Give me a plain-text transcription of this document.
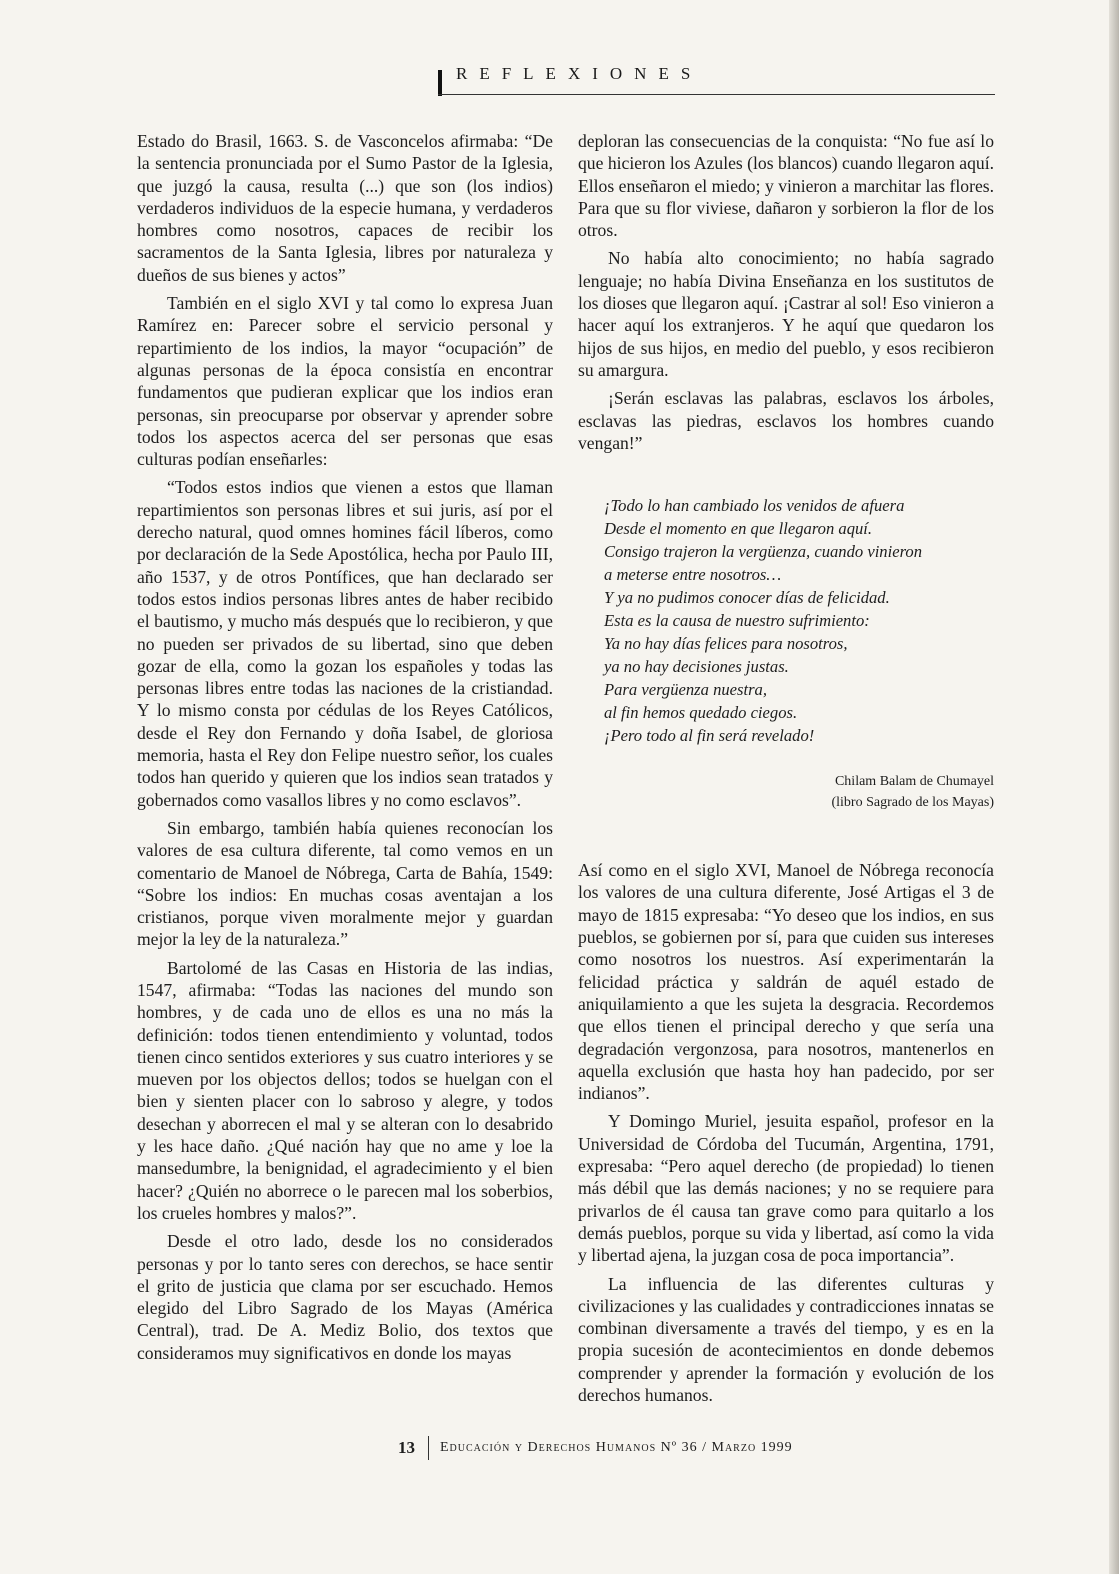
REFLEXIONES

Estado do Brasil, 1663. S. de Vasconcelos afirmaba: “De la sentencia pronunciada por el Sumo Pastor de la Iglesia, que juzgó la causa, resulta (...) que son (los indios) verdaderos individuos de la especie humana, y verdaderos hombres como nosotros, capaces de recibir los sacramentos de la Santa Iglesia, libres por naturaleza y dueños de sus bienes y actos”

También en el siglo XVI y tal como lo expresa Juan Ramírez en: Parecer sobre el servicio personal y repartimiento de los indios, la mayor “ocupación” de algunas personas de la época consistía en encontrar fundamentos que pudieran explicar que los indios eran personas, sin preocuparse por observar y aprender sobre todos los aspectos acerca del ser personas que esas culturas podían enseñarles:

“Todos estos indios que vienen a estos que llaman repartimientos son personas libres et sui juris, así por el derecho natural, quod omnes homines fácil líberos, como por declaración de la Sede Apostólica, hecha por Paulo III, año 1537, y de otros Pontífices, que han declarado ser todos estos indios personas libres antes de haber recibido el bautismo, y mucho más después que lo recibieron, y que no pueden ser privados de su libertad, sino que deben gozar de ella, como la gozan los españoles y todas las personas libres entre todas las naciones de la cristiandad. Y lo mismo consta por cédulas de los Reyes Católicos, desde el Rey don Fernando y doña Isabel, de gloriosa memoria, hasta el Rey don Felipe nuestro señor, los cuales todos han querido y quieren que los indios sean tratados y gobernados como vasallos libres y no como esclavos”.

Sin embargo, también había quienes reconocían los valores de esa cultura diferente, tal como vemos en un comentario de Manoel de Nóbrega, Carta de Bahía, 1549: “Sobre los indios: En muchas cosas aventajan a los cristianos, porque viven moralmente mejor y guardan mejor la ley de la naturaleza.”

Bartolomé de las Casas en Historia de las indias, 1547, afirmaba: “Todas las naciones del mundo son hombres, y de cada uno de ellos es una no más la definición: todos tienen entendimiento y voluntad, todos tienen cinco sentidos exteriores y sus cuatro interiores y se mueven por los objectos dellos; todos se huelgan con el bien y sienten placer con lo sabroso y alegre, y todos desechan y aborrecen el mal y se alteran con lo desabrido y les hace daño. ¿Qué nación hay que no ame y loe la mansedumbre, la benignidad, el agradecimiento y el bien hacer? ¿Quién no aborrece o le parecen mal los soberbios, los crueles hombres y malos?”.

Desde el otro lado, desde los no considerados personas y por lo tanto seres con derechos, se hace sentir el grito de justicia que clama por ser escuchado. Hemos elegido del Libro Sagrado de los Mayas (América Central), trad. De A. Mediz Bolio, dos textos que consideramos muy significativos en donde los mayas

deploran las consecuencias de la conquista: “No fue así lo que hicieron los Azules (los blancos) cuando llegaron aquí. Ellos enseñaron el miedo; y vinieron a marchitar las flores. Para que su flor viviese, dañaron y sorbieron la flor de los otros.

No había alto conocimiento; no había sagrado lenguaje; no había Divina Enseñanza en los sustitutos de los dioses que llegaron aquí. ¡Castrar al sol! Eso vinieron a hacer aquí los extranjeros. Y he aquí que quedaron los hijos de sus hijos, en medio del pueblo, y esos recibieron su amargura.

¡Serán esclavas las palabras, esclavos los árboles, esclavas las piedras, esclavos los hombres cuando vengan!”

¡Todo lo han cambiado los venidos de afuera
Desde el momento en que llegaron aquí.
Consigo trajeron la vergüenza, cuando vinieron
a meterse entre nosotros…
Y ya no pudimos conocer días de felicidad.
Esta es la causa de nuestro sufrimiento:
Ya no hay días felices para nosotros,
ya no hay decisiones justas.
Para vergüenza nuestra,
al fin hemos quedado ciegos.
¡Pero todo al fin será revelado!
Chilam Balam de Chumayel
(libro Sagrado de los Mayas)

Así como en el siglo XVI, Manoel de Nóbrega reconocía los valores de una cultura diferente, José Artigas el 3 de mayo de 1815 expresaba: “Yo deseo que los indios, en sus pueblos, se gobiernen por sí, para que cuiden sus intereses como nosotros los nuestros. Así experimentarán la felicidad práctica y saldrán de aquél estado de aniquilamiento a que les sujeta la desgracia. Recordemos que ellos tienen el principal derecho y que sería una degradación vergonzosa, para nosotros, mantenerlos en aquella exclusión que hasta hoy han padecido, por ser indianos”.

Y Domingo Muriel, jesuita español, profesor en la Universidad de Córdoba del Tucumán, Argentina, 1791, expresaba: “Pero aquel derecho (de propiedad) lo tienen más débil que las demás naciones; y no se requiere para privarlos de él causa tan grave como para quitarlo a los demás pueblos, porque su vida y libertad, así como la vida y libertad ajena, la juzgan cosa de poca importancia”.

La influencia de las diferentes culturas y civilizaciones y las cualidades y contradicciones innatas se combinan diversamente a través del tiempo, y es en la propia sucesión de acontecimientos en donde debemos comprender y aprender la formación y evolución de los derechos humanos.

13 Educación y Derechos Humanos Nº 36 / Marzo 1999
